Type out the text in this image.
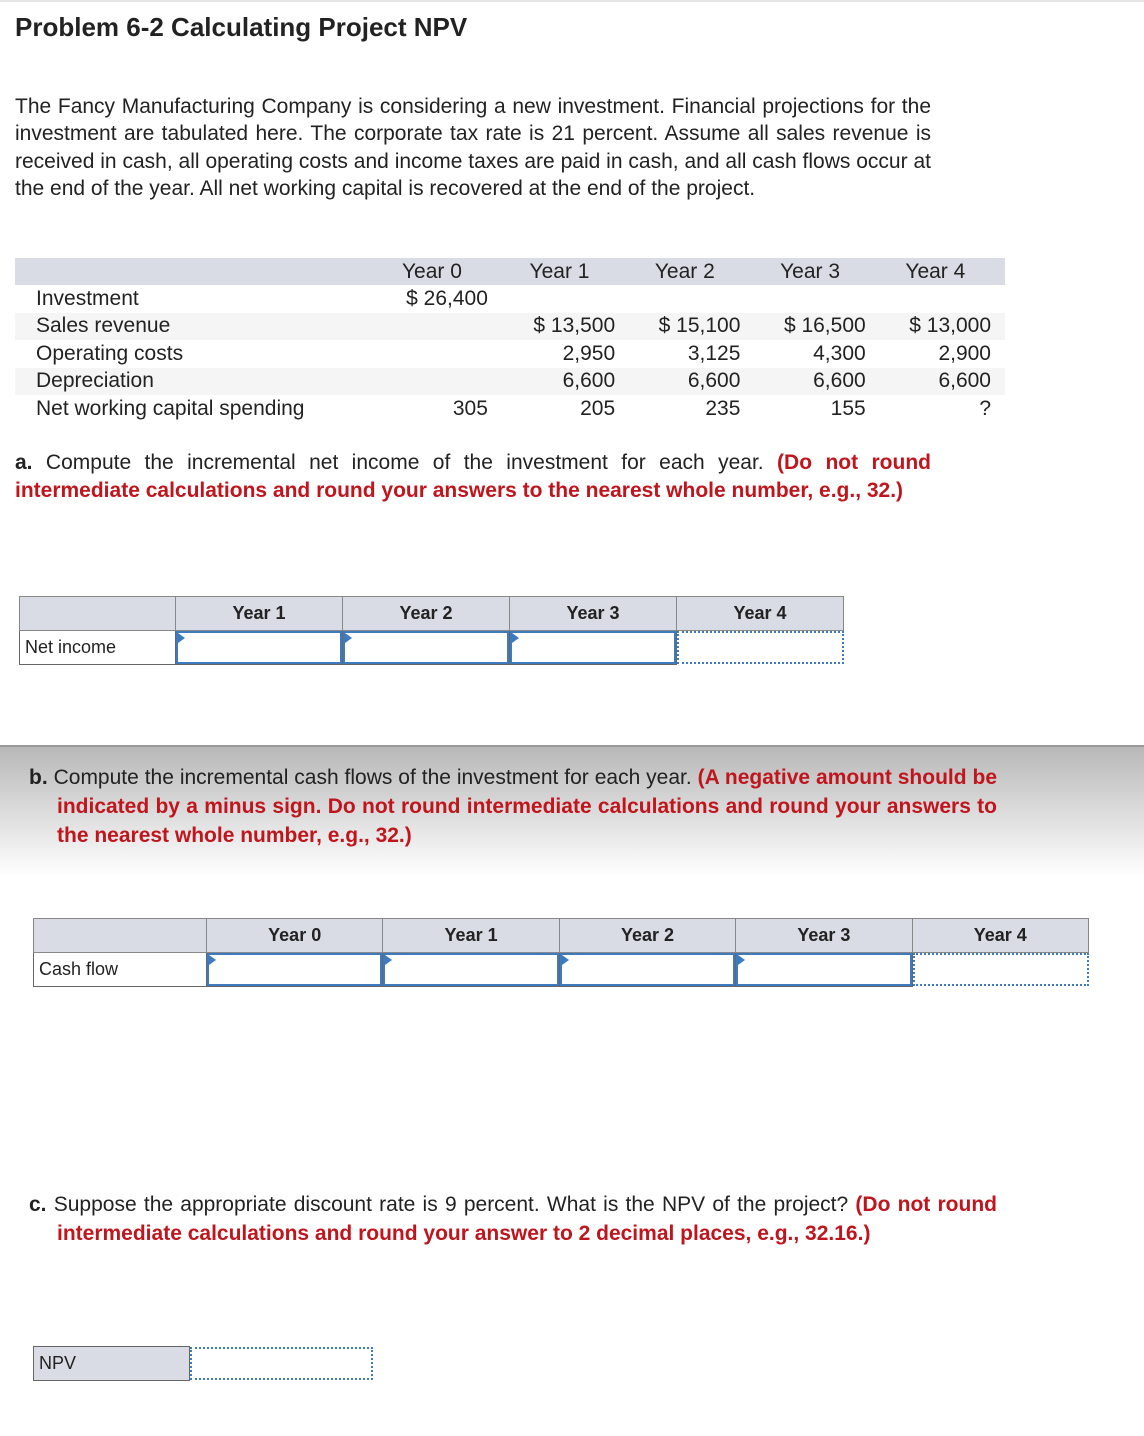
Problem 6-2 Calculating Project NPV

The Fancy Manufacturing Company is considering a new investment. Financial projections for the investment are tabulated here. The corporate tax rate is 21 percent. Assume all sales revenue is received in cash, all operating costs and income taxes are paid in cash, and all cash flows occur at the end of the year. All net working capital is recovered at the end of the project.

	Year 0	Year 1	Year 2	Year 3	Year 4
Investment	$ 26,400				
Sales revenue		$ 13,500	$ 15,100	$ 16,500	$ 13,000
Operating costs		2,950	3,125	4,300	2,900
Depreciation		6,600	6,600	6,600	6,600
Net working capital spending	305	205	235	155	?

a. Compute the incremental net income of the investment for each year. (Do not round intermediate calculations and round your answers to the nearest whole number, e.g., 32.)

	Year 1	Year 2	Year 3	Year 4
Net income	

b. Compute the incremental cash flows of the investment for each year. (A negative amount should be indicated by a minus sign. Do not round intermediate calculations and round your answers to the nearest whole number, e.g., 32.)

	Year 0	Year 1	Year 2	Year 3	Year 4
Cash flow	

c. Suppose the appropriate discount rate is 9 percent. What is the NPV of the project? (Do not round intermediate calculations and round your answer to 2 decimal places, e.g., 32.16.)

NPV	
